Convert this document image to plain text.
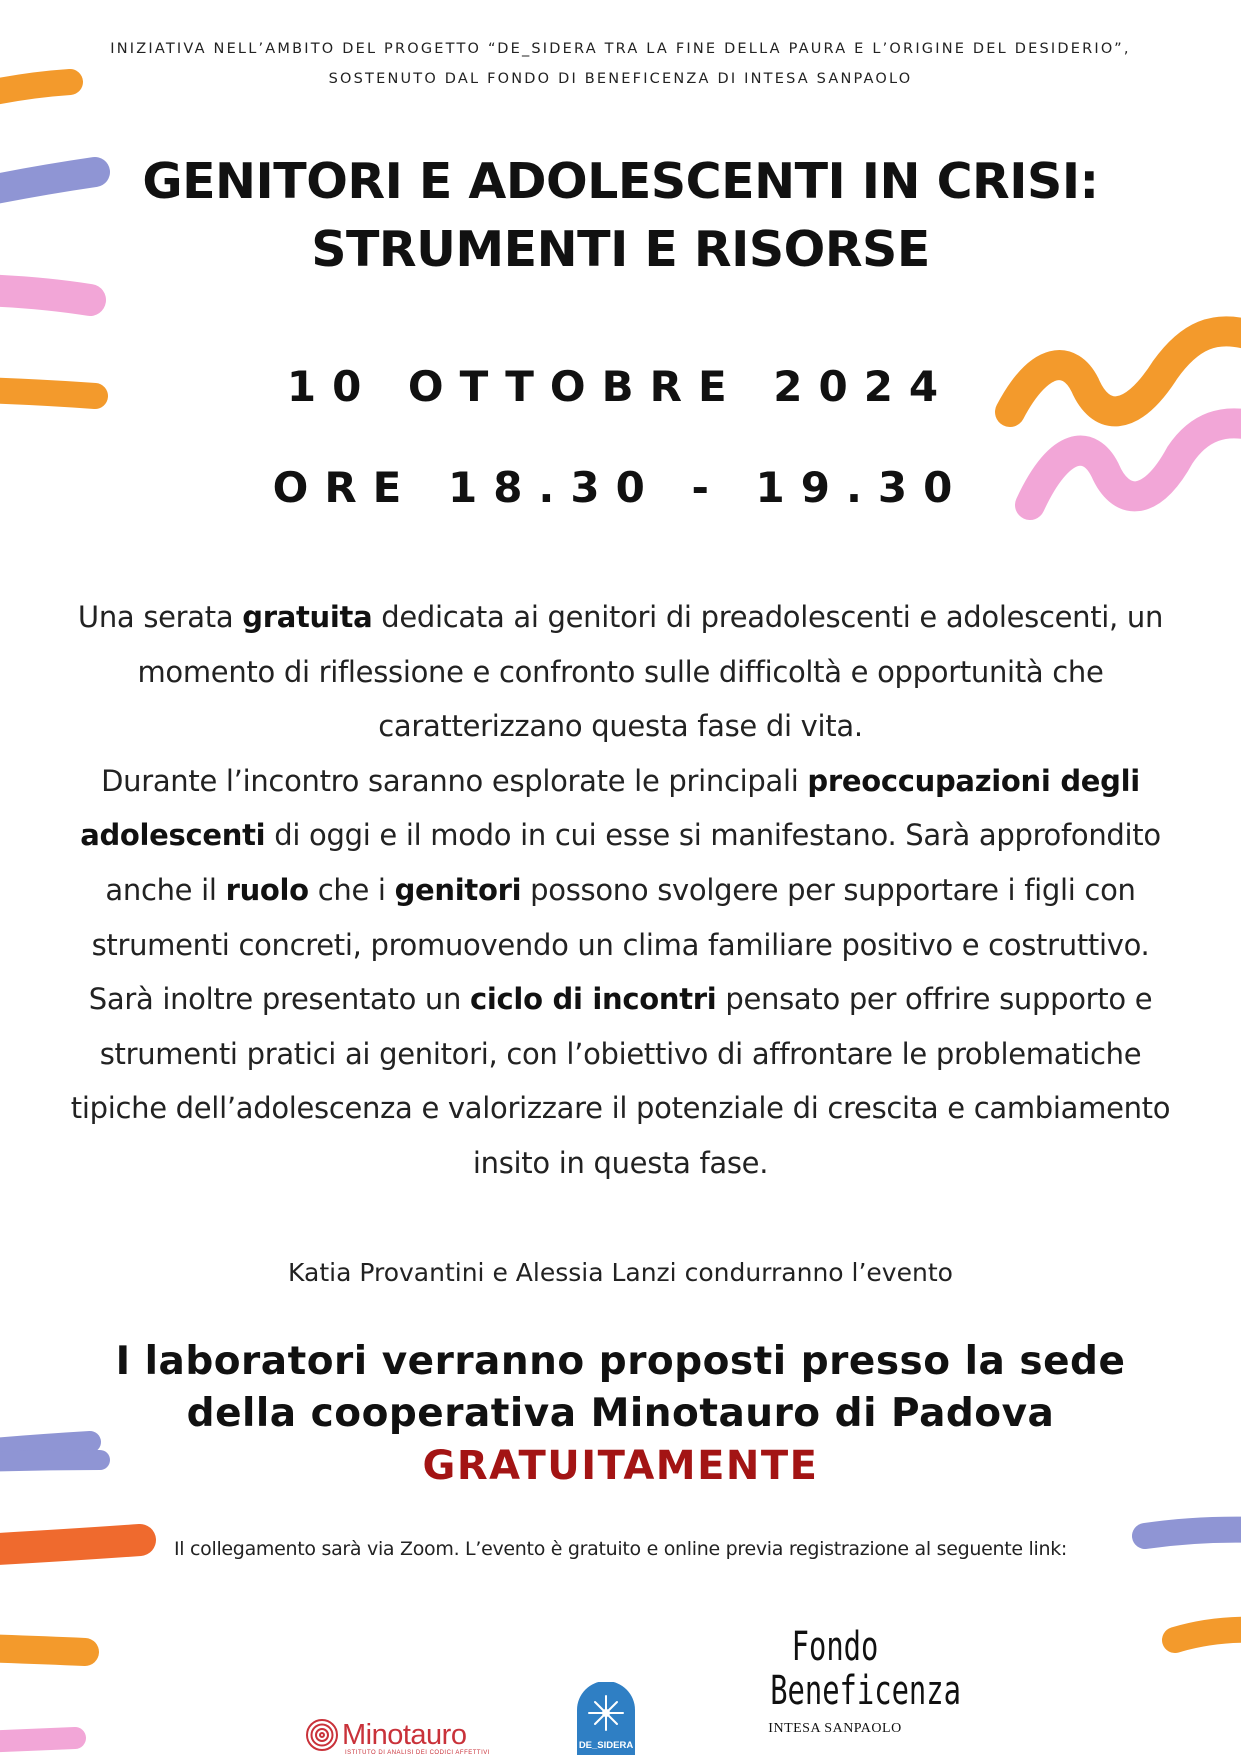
INIZIATIVA NELL’AMBITO DEL PROGETTO “DE_SIDERA TRA LA FINE DELLA PAURA E L’ORIGINE DEL DESIDERIO”,
SOSTENUTO DAL FONDO DI BENEFICENZA DI INTESA SANPAOLO
GENITORI E ADOLESCENTI IN CRISI:
STRUMENTI E RISORSE
10 OTTOBRE 2024
ORE 18.30 - 19.30

Una serata gratuita dedicata ai genitori di preadolescenti e adolescenti, un momento di riflessione e confronto sulle difficoltà e opportunità che caratterizzano questa fase di vita.

Durante l’incontro saranno esplorate le principali preoccupazioni degli adolescenti di oggi e il modo in cui esse si manifestano. Sarà approfondito anche il ruolo che i genitori possono svolgere per supportare i figli con strumenti concreti, promuovendo un clima familiare positivo e costruttivo.

Sarà inoltre presentato un ciclo di incontri pensato per offrire supporto e strumenti pratici ai genitori, con l’obiettivo di affrontare le problematiche tipiche dell’adolescenza e valorizzare il potenziale di crescita e cambiamento insito in questa fase.

Katia Provantini e Alessia Lanzi condurranno l’evento
I laboratori verranno proposti presso la sede
della cooperativa Minotauro di Padova
GRATUITAMENTE
Il collegamento sarà via Zoom. L’evento è gratuito e online previa registrazione al seguente link:
Minotauro
ISTITUTO DI ANALISI DEI CODICI AFFETTIVI
DE_SIDERA
Fondo
Beneficenza
INTESA SANPAOLO
